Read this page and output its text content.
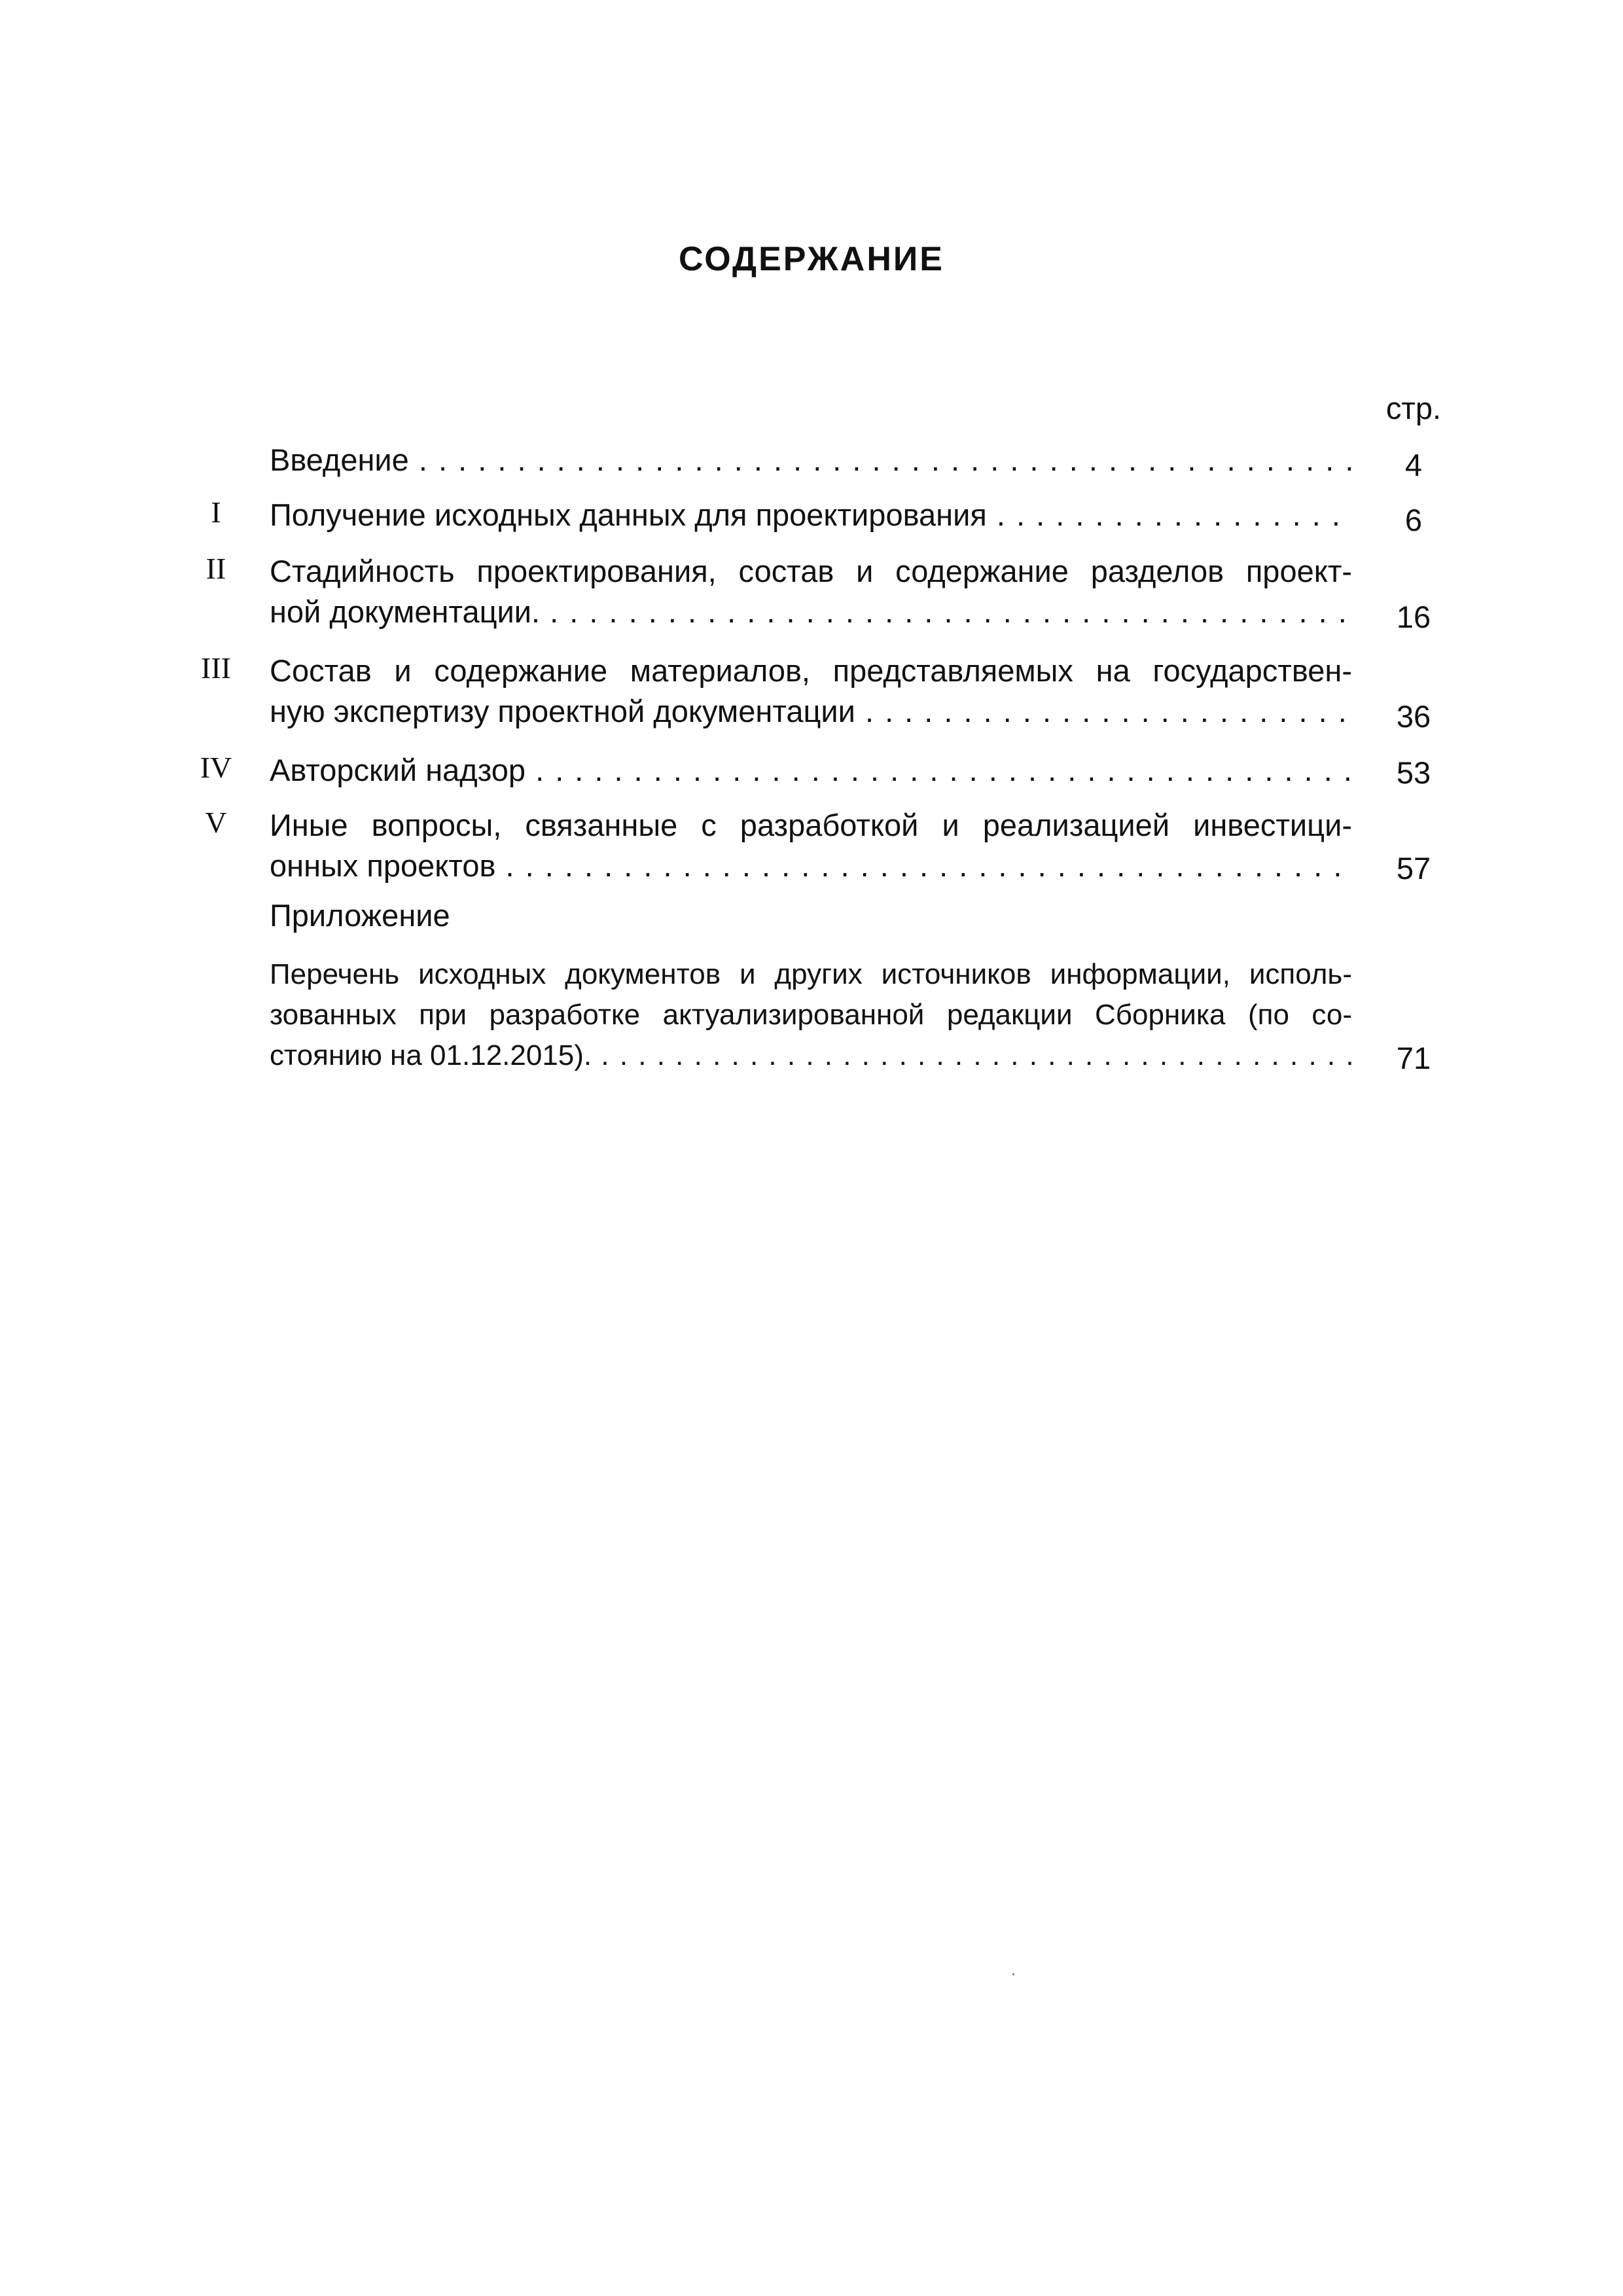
СОДЕРЖАНИЕ
стр.
Введение . . .	4
I	Получение исходных данных для проектирования . . .	6
II	Стадийность проектирования, состав и содержание разделов проект-
ной документации. . . .	16
III	Состав и содержание материалов, представляемых на государствен-
ную экспертизу проектной документации . . .	36
IV	Авторский надзор . . .	53
V	Иные вопросы, связанные с разработкой и реализацией инвестици-
онных проектов . . .	57
Приложение
Перечень исходных документов и других источников информации, исполь-
зованных при разработке актуализированной редакции Сборника (по со-
стоянию на 01.12.2015). . . .	71
